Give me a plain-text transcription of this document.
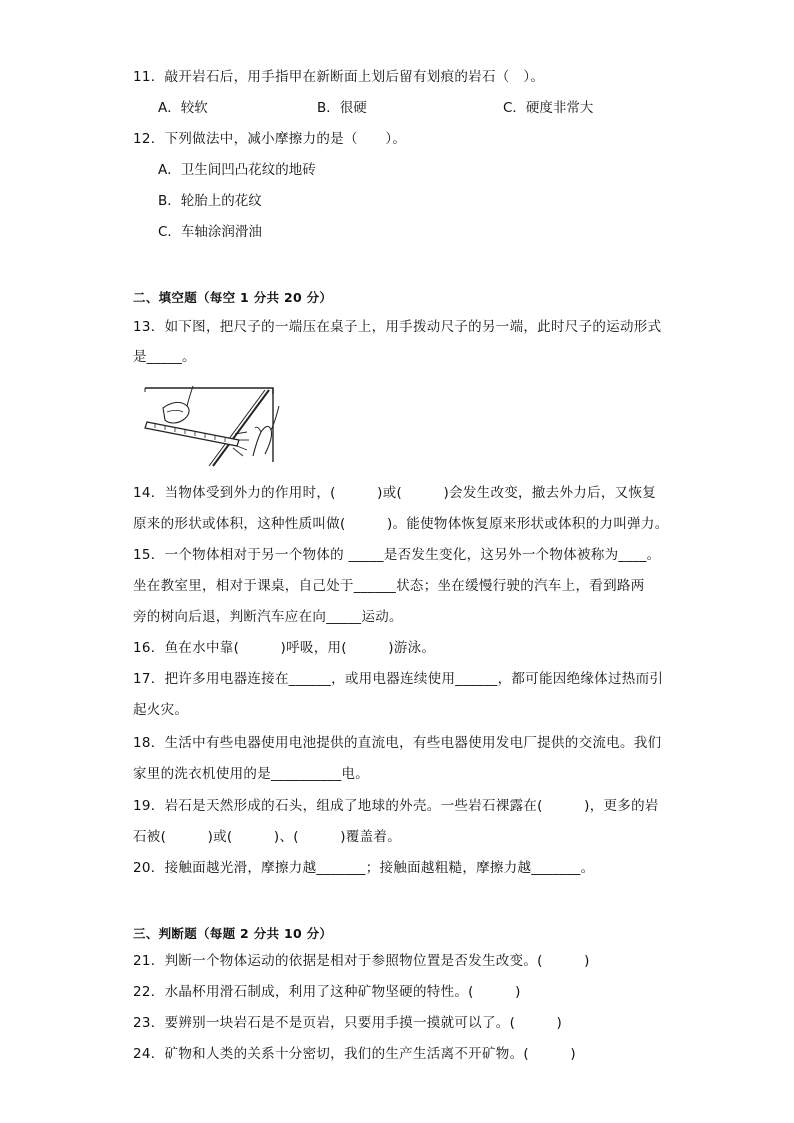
11．敲开岩石后，用手指甲在新断面上划后留有划痕的岩石（　）。
A．较软	B．很硬	C．硬度非常大
12．下列做法中，减小摩擦力的是（　　）。
A．卫生间凹凸花纹的地砖
B．轮胎上的花纹
C．车轴涂润滑油
二、填空题（每空 1 分共 20 分）
13．如下图，把尺子的一端压在桌子上，用手拨动尺子的另一端，此时尺子的运动形式
是_____。
14．当物体受到外力的作用时，(　　　)或(　　　)会发生改变，撤去外力后，又恢复
原来的形状或体积，这种性质叫做(　　　)。能使物体恢复原来形状或体积的力叫弹力。
15．一个物体相对于另一个物体的 _____是否发生变化，这另外一个物体被称为____。
坐在教室里，相对于课桌，自己处于______状态；坐在缓慢行驶的汽车上，看到路两
旁的树向后退，判断汽车应在向_____运动。
16．鱼在水中靠(　　　)呼吸，用(　　　)游泳。
17．把许多用电器连接在______，或用电器连续使用______，都可能因绝缘体过热而引
起火灾。
18．生活中有些电器使用电池提供的直流电，有些电器使用发电厂提供的交流电。我们
家里的洗衣机使用的是__________电。
19．岩石是天然形成的石头，组成了地球的外壳。一些岩石裸露在(　　　)，更多的岩
石被(　　　)或(　　　)、(　　　)覆盖着。
20．接触面越光滑，摩擦力越_______；接触面越粗糙，摩擦力越_______。
三、判断题（每题 2 分共 10 分）
21．判断一个物体运动的依据是相对于参照物位置是否发生改变。(　　　)
22．水晶杯用滑石制成，利用了这种矿物坚硬的特性。(　　　)
23．要辨别一块岩石是不是页岩，只要用手摸一摸就可以了。(　　　)
24．矿物和人类的关系十分密切，我们的生产生活离不开矿物。(　　　)
